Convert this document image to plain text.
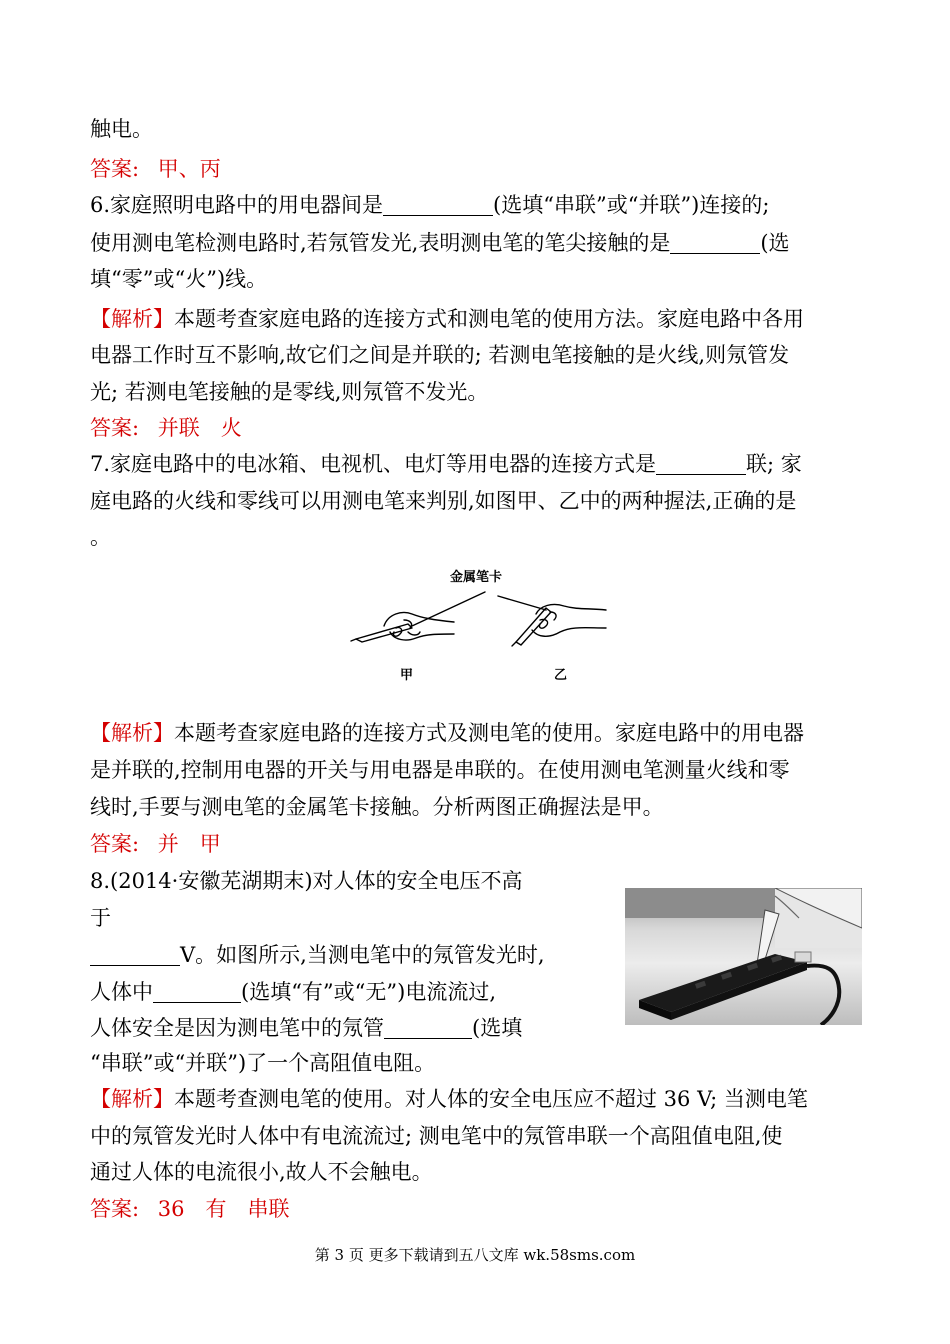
触电。
答案: 甲、丙
6.家庭照明电路中的用电器间是	(选填“串联”或“并联”)连接的;
使用测电笔检测电路时,若氖管发光,表明测电笔的笔尖接触的是	(选
填“零”或“火”)线。
【解析】本题考查家庭电路的连接方式和测电笔的使用方法。家庭电路中各用
电器工作时互不影响,故它们之间是并联的; 若测电笔接触的是火线,则氖管发
光; 若测电笔接触的是零线,则氖管不发光。
答案: 并联　火
7.家庭电路中的电冰箱、电视机、电灯等用电器的连接方式是	联; 家
庭电路的火线和零线可以用测电笔来判别,如图甲、乙中的两种握法,正确的是
。
金属笔卡
甲	乙
【解析】本题考查家庭电路的连接方式及测电笔的使用。家庭电路中的用电器
是并联的,控制用电器的开关与用电器是串联的。在使用测电笔测量火线和零
线时,手要与测电笔的金属笔卡接触。分析两图正确握法是甲。
答案: 并　甲
8.(2014·安徽芜湖期末)对人体的安全电压不高
于
V。如图所示,当测电笔中的氖管发光时,
人体中	(选填“有”或“无”)电流流过,
人体安全是因为测电笔中的氖管	(选填
“串联”或“并联”)了一个高阻值电阻。
【解析】本题考查测电笔的使用。对人体的安全电压应不超过 36 V; 当测电笔
中的氖管发光时人体中有电流流过; 测电笔中的氖管串联一个高阻值电阻,使
通过人体的电流很小,故人不会触电。
答案: 36　有　串联
第 3 页 更多下载请到五八文库 wk.58sms.com
